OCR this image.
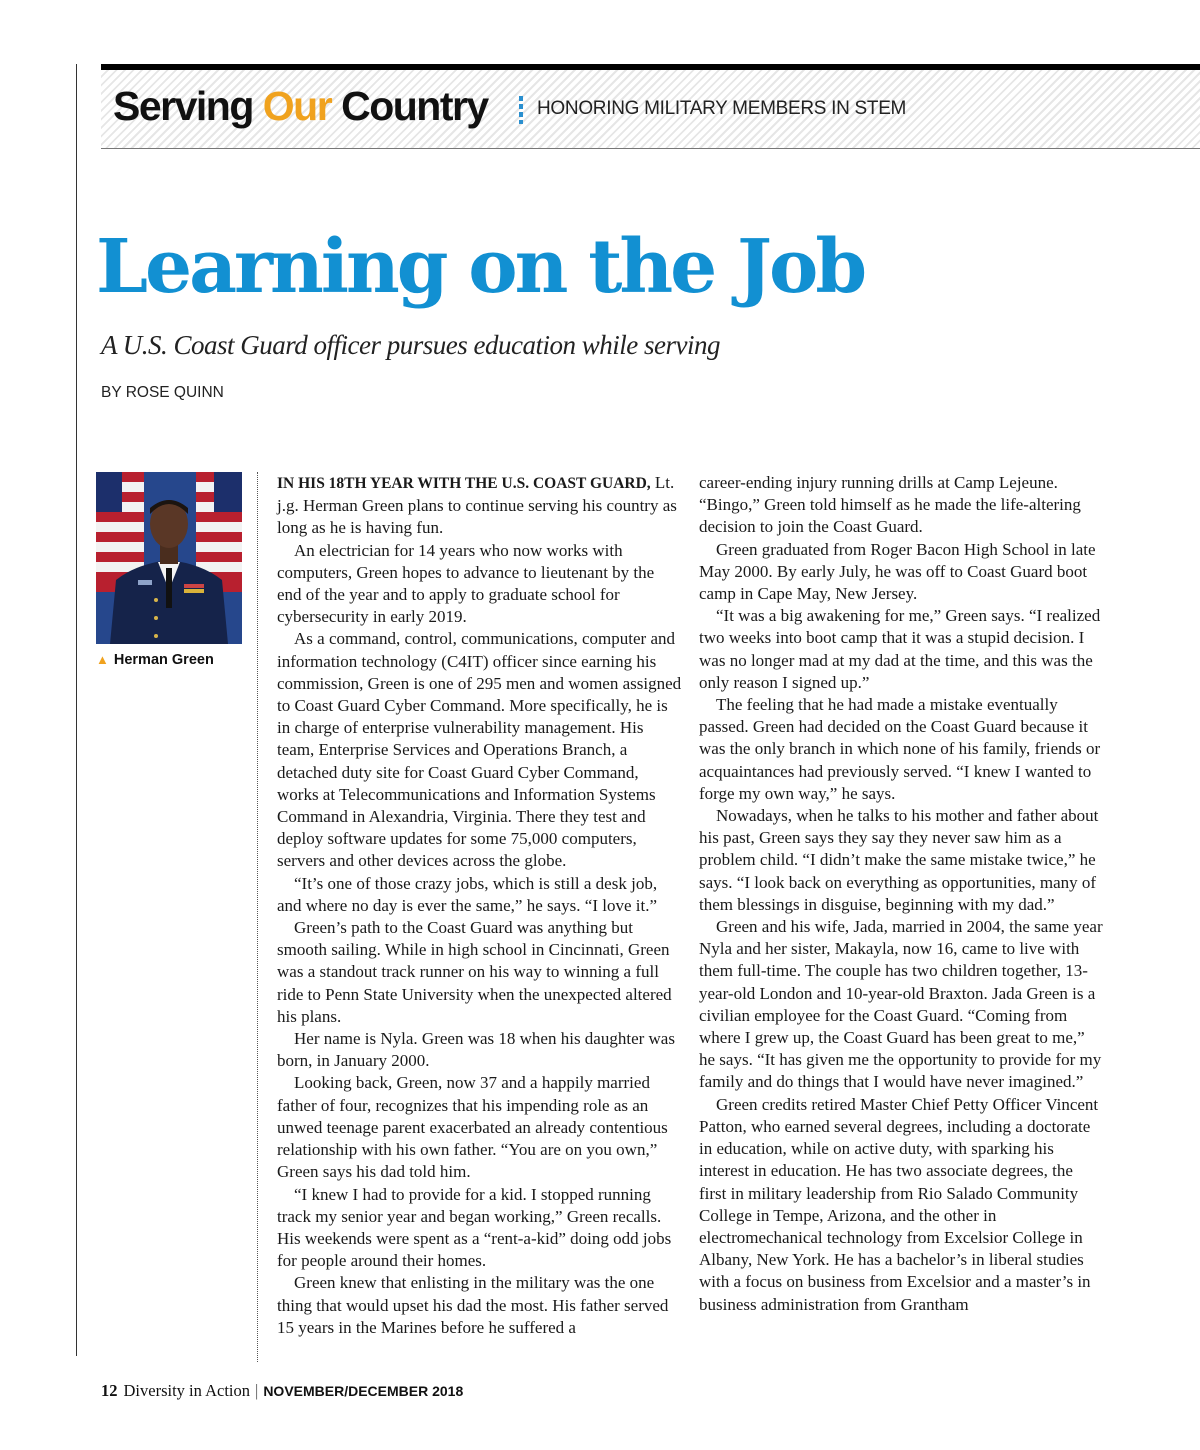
Serving Our Country	HONORING MILITARY MEMBERS IN STEM
Learning on the Job
A U.S. Coast Guard officer pursues education while serving
BY ROSE QUINN
▲ Herman Green

IN HIS 18TH YEAR WITH THE U.S. COAST GUARD, Lt. j.g. Herman Green plans to continue serving his country as long as he is having fun.

An electrician for 14 years who now works with computers, Green hopes to advance to lieutenant by the end of the year and to apply to graduate school for cybersecurity in early 2019.

As a command, control, communications, computer and information technology (C4IT) officer since earning his commission, Green is one of 295 men and women assigned to Coast Guard Cyber Command. More specifically, he is in charge of enterprise vulnerability management. His team, Enterprise Services and Operations Branch, a detached duty site for Coast Guard Cyber Command, works at Telecommunications and Information Systems Command in Alexandria, Virginia. There they test and deploy software updates for some 75,000 computers, servers and other devices across the globe.

“It’s one of those crazy jobs, which is still a desk job, and where no day is ever the same,” he says. “I love it.”

Green’s path to the Coast Guard was anything but smooth sailing. While in high school in Cincinnati, Green was a standout track runner on his way to winning a full ride to Penn State University when the unexpected altered his plans.

Her name is Nyla. Green was 18 when his daughter was born, in January 2000.

Looking back, Green, now 37 and a happily married father of four, recognizes that his impending role as an unwed teenage parent exacerbated an already contentious relationship with his own father. “You are on you own,” Green says his dad told him.

“I knew I had to provide for a kid. I stopped running track my senior year and began working,” Green recalls. His weekends were spent as a “rent-a-kid” doing odd jobs for people around their homes.

Green knew that enlisting in the military was the one thing that would upset his dad the most. His father served 15 years in the Marines before he suffered a

career-ending injury running drills at Camp Lejeune. “Bingo,” Green told himself as he made the life-altering decision to join the Coast Guard.

Green graduated from Roger Bacon High School in late May 2000. By early July, he was off to Coast Guard boot camp in Cape May, New Jersey.

“It was a big awakening for me,” Green says. “I realized two weeks into boot camp that it was a stupid decision. I was no longer mad at my dad at the time, and this was the only reason I signed up.”

The feeling that he had made a mistake eventually passed. Green had decided on the Coast Guard because it was the only branch in which none of his family, friends or acquaintances had previously served. “I knew I wanted to forge my own way,” he says.

Nowadays, when he talks to his mother and father about his past, Green says they say they never saw him as a problem child. “I didn’t make the same mistake twice,” he says. “I look back on everything as opportunities, many of them blessings in disguise, beginning with my dad.”

Green and his wife, Jada, married in 2004, the same year Nyla and her sister, Makayla, now 16, came to live with them full-time. The couple has two children together, 13-year-old London and 10-year-old Braxton. Jada Green is a civilian employee for the Coast Guard. “Coming from where I grew up, the Coast Guard has been great to me,” he says. “It has given me the opportunity to provide for my family and do things that I would have never imagined.”

Green credits retired Master Chief Petty Officer Vincent Patton, who earned several degrees, including a doctorate in education, while on active duty, with sparking his interest in education. He has two associate degrees, the first in military leadership from Rio Salado Community College in Tempe, Arizona, and the other in electromechanical technology from Excelsior College in Albany, New York. He has a bachelor’s in liberal studies with a focus on business from Excelsior and a master’s in business administration from Grantham

12 Diversity in Action | NOVEMBER/DECEMBER 2018
